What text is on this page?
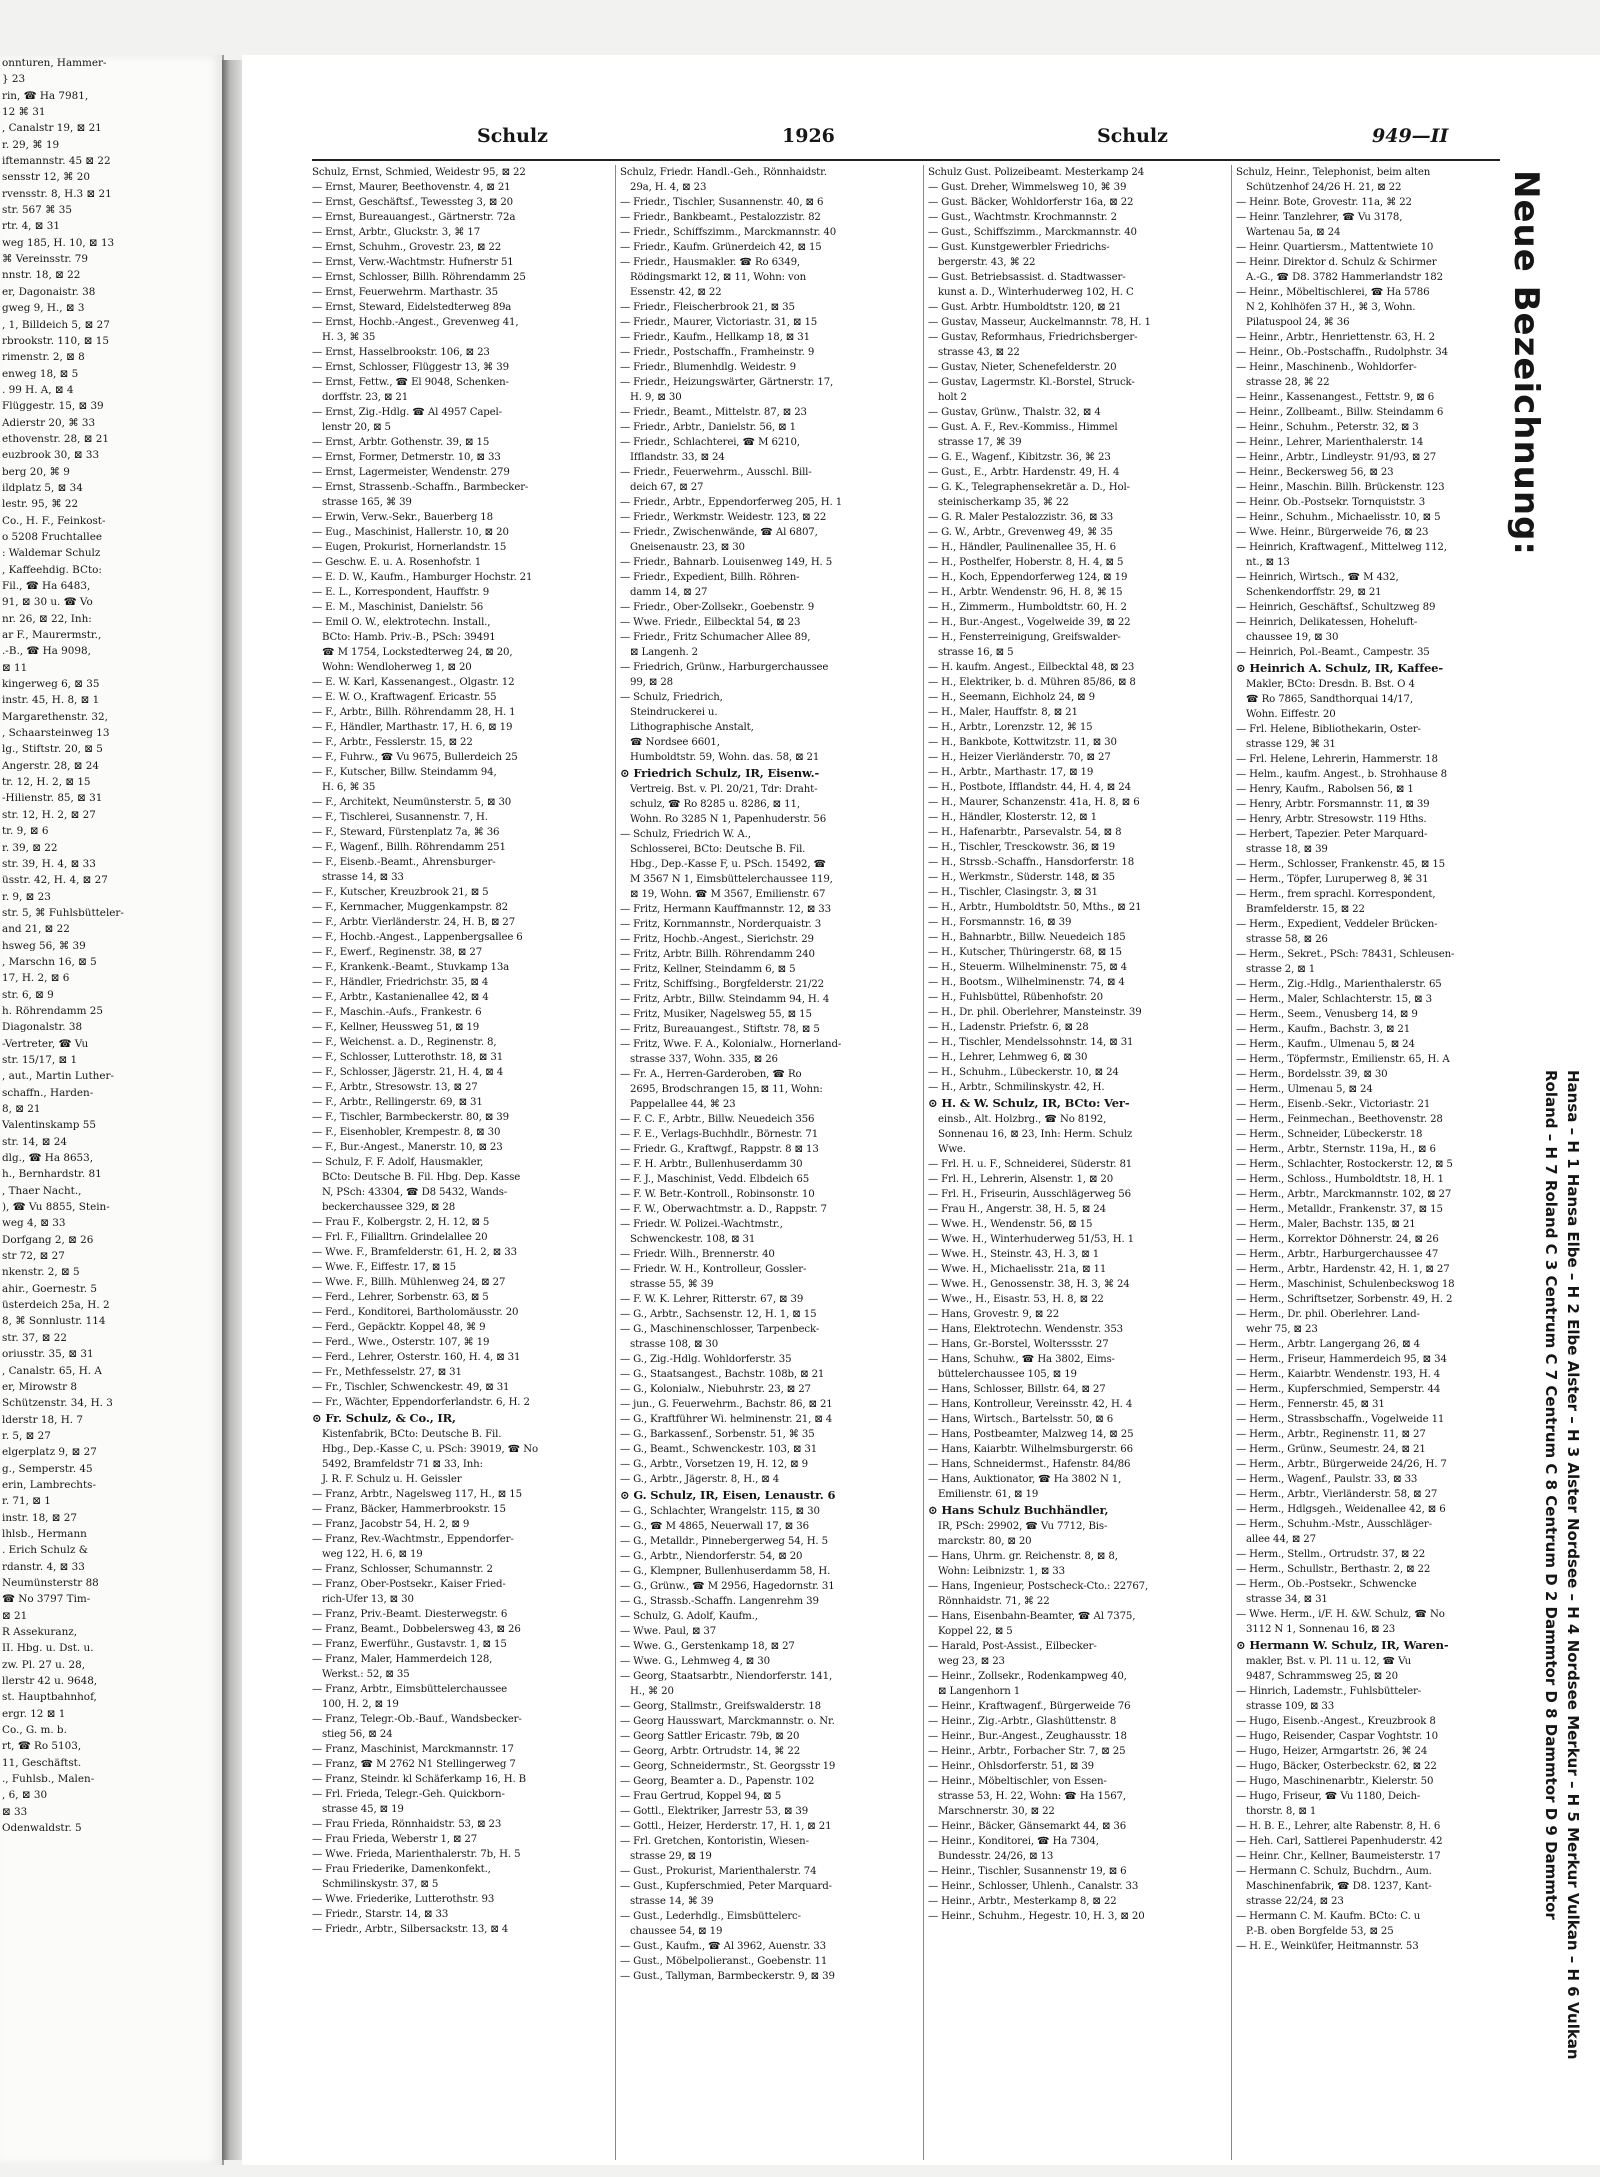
onnturen, Hammer-
} 23
rin, ☎ Ha 7981,
12 ⌘ 31
, Canalstr 19, ⊠ 21
r. 29, ⌘ 19
iftemannstr. 45 ⊠ 22
sensstr 12, ⌘ 20
rvensstr. 8, H.3 ⊠ 21
str. 567 ⌘ 35
rtr. 4, ⊠ 31
weg 185, H. 10, ⊠ 13
⌘ Vereinsstr. 79
nnstr. 18, ⊠ 22
er, Dagonaistr. 38
gweg 9, H., ⊠ 3
, 1, Billdeich 5, ⊠ 27
rbrookstr. 110, ⊠ 15
rimenstr. 2, ⊠ 8
enweg 18, ⊠ 5
. 99 H. A, ⊠ 4
Flüggestr. 15, ⊠ 39
Adierstr 20, ⌘ 33
ethovenstr. 28, ⊠ 21
euzbrook 30, ⊠ 33
berg 20, ⌘ 9
ildplatz 5, ⊠ 34
lestr. 95, ⌘ 22
Co., H. F., Feinkost-
o 5208 Fruchtallee
: Waldemar Schulz
, Kaffeehdig. BCto:
Fil., ☎ Ha 6483,
91, ⊠ 30 u. ☎ Vo
nr. 26, ⊠ 22, Inh:
ar F., Maurermstr.,
.-B., ☎ Ha 9098,
⊠ 11
kingerweg 6, ⊠ 35
instr. 45, H. 8, ⊠ 1
Margarethenstr. 32,
, Schaarsteinweg 13
lg., Stiftstr. 20, ⊠ 5
Angerstr. 28, ⊠ 24
tr. 12, H. 2, ⊠ 15
-Hilienstr. 85, ⊠ 31
str. 12, H. 2, ⊠ 27
tr. 9, ⊠ 6
r. 39, ⊠ 22
str. 39, H. 4, ⊠ 33
üsstr. 42, H. 4, ⊠ 27
r. 9, ⊠ 23
str. 5, ⌘ Fuhlsbütteler-
and 21, ⊠ 22
hsweg 56, ⌘ 39
, Marschn 16, ⊠ 5
17, H. 2, ⊠ 6
str. 6, ⊠ 9
h. Röhrendamm 25
Diagonalstr. 38
-Vertreter, ☎ Vu
str. 15/17, ⊠ 1
, aut., Martin Luther-
schaffn., Harden-
8, ⊠ 21
Valentinskamp 55
str. 14, ⊠ 24
dlg., ☎ Ha 8653,
h., Bernhardstr. 81
, Thaer Nacht.,
), ☎ Vu 8855, Stein-
weg 4, ⊠ 33
Dorfgang 2, ⊠ 26
str 72, ⊠ 27
nkenstr. 2, ⊠ 5
ahir., Goernestr. 5
üsterdeich 25a, H. 2
8, ⌘ Sonnlustr. 114
str. 37, ⊠ 22
oriusstr. 35, ⊠ 31
, Canalstr. 65, H. A
er, Mirowstr 8
Schützenstr. 34, H. 3
lderstr 18, H. 7
r. 5, ⊠ 27
elgerplatz 9, ⊠ 27
g., Semperstr. 45
erin, Lambrechts-
r. 71, ⊠ 1
instr. 18, ⊠ 27
lhlsb., Hermann
. Erich Schulz &
rdanstr. 4, ⊠ 33
Neumünsterstr 88
☎ No 3797 Tim-
⊠ 21
R Assekuranz,
II. Hbg. u. Dst. u.
zw. Pl. 27 u. 28,
llerstr 42 u. 9648,
st. Hauptbahnhof,
ergr. 12 ⊠ 1
Co., G. m. b.
rt, ☎ Ro 5103,
11, Geschäftst.
., Fuhlsb., Malen-
, 6, ⊠ 30
⊠ 33
Odenwaldstr. 5
Schulz	1926	Schulz	949—II
Schulz, Ernst, Schmied, Weidestr 95, ⊠ 22
— Ernst, Maurer, Beethovenstr. 4, ⊠ 21
— Ernst, Geschäftsf., Tewessteg 3, ⊠ 20
— Ernst, Bureauangest., Gärtnerstr. 72a
— Ernst, Arbtr., Gluckstr. 3, ⌘ 17
— Ernst, Schuhm., Grovestr. 23, ⊠ 22
— Ernst, Verw.-Wachtmstr. Hufnerstr 51
— Ernst, Schlosser, Billh. Röhrendamm 25
— Ernst, Feuerwehrm. Marthastr. 35
— Ernst, Steward, Eidelstedterweg 89a
— Ernst, Hochb.-Angest., Grevenweg 41,
H. 3, ⌘ 35
— Ernst, Hasselbrookstr. 106, ⊠ 23
— Ernst, Schlosser, Flüggestr 13, ⌘ 39
— Ernst, Fettw., ☎ El 9048, Schenken-
dorffstr. 23, ⊠ 21
— Ernst, Zig.-Hdlg. ☎ Al 4957 Capel-
lenstr 20, ⊠ 5
— Ernst, Arbtr. Gothenstr. 39, ⊠ 15
— Ernst, Former, Detmerstr. 10, ⊠ 33
— Ernst, Lagermeister, Wendenstr. 279
— Ernst, Strassenb.-Schaffn., Barmbecker-
strasse 165, ⌘ 39
— Erwin, Verw.-Sekr., Bauerberg 18
— Eug., Maschinist, Hallerstr. 10, ⊠ 20
— Eugen, Prokurist, Hornerlandstr. 15
— Geschw. E. u. A. Rosenhofstr. 1
— E. D. W., Kaufm., Hamburger Hochstr. 21
— E. L., Korrespondent, Hauffstr. 9
— E. M., Maschinist, Danielstr. 56
— Emil O. W., elektrotechn. Install.,
BCto: Hamb. Priv.-B., PSch: 39491
☎ M 1754, Lockstedterweg 24, ⊠ 20,
Wohn: Wendloherweg 1, ⊠ 20
— E. W. Karl, Kassenangest., Olgastr. 12
— E. W. O., Kraftwagenf. Ericastr. 55
— F., Arbtr., Billh. Röhrendamm 28, H. 1
— F., Händler, Marthastr. 17, H. 6, ⊠ 19
— F., Arbtr., Fesslerstr. 15, ⊠ 22
— F., Fuhrw., ☎ Vu 9675, Bullerdeich 25
— F., Kutscher, Billw. Steindamm 94,
H. 6, ⌘ 35
— F., Architekt, Neumünsterstr. 5, ⊠ 30
— F., Tischlerei, Susannenstr. 7, H.
— F., Steward, Fürstenplatz 7a, ⌘ 36
— F., Wagenf., Billh. Röhrendamm 251
— F., Eisenb.-Beamt., Ahrensburger-
strasse 14, ⊠ 33
— F., Kutscher, Kreuzbrook 21, ⊠ 5
— F., Kernmacher, Muggenkampstr. 82
— F., Arbtr. Vierländerstr. 24, H. B, ⊠ 27
— F., Hochb.-Angest., Lappenbergsallee 6
— F., Ewerf., Reginenstr. 38, ⊠ 27
— F., Krankenk.-Beamt., Stuvkamp 13a
— F., Händler, Friedrichstr. 35, ⊠ 4
— F., Arbtr., Kastanienallee 42, ⊠ 4
— F., Maschin.-Aufs., Frankestr. 6
— F., Kellner, Heussweg 51, ⊠ 19
— F., Weichenst. a. D., Reginenstr. 8,
— F., Schlosser, Lutterothstr. 18, ⊠ 31
— F., Schlosser, Jägerstr. 21, H. 4, ⊠ 4
— F., Arbtr., Stresowstr. 13, ⊠ 27
— F., Arbtr., Rellingerstr. 69, ⊠ 31
— F., Tischler, Barmbeckerstr. 80, ⊠ 39
— F., Eisenhobler, Krempestr. 8, ⊠ 30
— F., Bur.-Angest., Manerstr. 10, ⊠ 23
— Schulz, F. F. Adolf, Hausmakler,
BCto: Deutsche B. Fil. Hbg. Dep. Kasse
N, PSch: 43304, ☎ D8 5432, Wands-
beckerchaussee 329, ⊠ 28
— Frau F., Kolbergstr. 2, H. 12, ⊠ 5
— Frl. F., Filialltrn. Grindelallee 20
— Wwe. F., Bramfelderstr. 61, H. 2, ⊠ 33
— Wwe. F., Eiffestr. 17, ⊠ 15
— Wwe. F., Billh. Mühlenweg 24, ⊠ 27
— Ferd., Lehrer, Sorbenstr. 63, ⊠ 5
— Ferd., Konditorei, Bartholomäusstr. 20
— Ferd., Gepäcktr. Koppel 48, ⌘ 9
— Ferd., Wwe., Osterstr. 107, ⌘ 19
— Ferd., Lehrer, Osterstr. 160, H. 4, ⊠ 31
— Fr., Methfesselstr. 27, ⊠ 31
— Fr., Tischler, Schwenckestr. 49, ⊠ 31
— Fr., Wächter, Eppendorferlandstr. 6, H. 2
⊙ Fr. Schulz, & Co., IR,
Kistenfabrik, BCto: Deutsche B. Fil.
Hbg., Dep.-Kasse C, u. PSch: 39019, ☎ No
5492, Bramfeldstr 71 ⊠ 33, Inh:
J. R. F. Schulz u. H. Geissler
— Franz, Arbtr., Nagelsweg 117, H., ⊠ 15
— Franz, Bäcker, Hammerbrookstr. 15
— Franz, Jacobstr 54, H. 2, ⊠ 9
— Franz, Rev.-Wachtmstr., Eppendorfer-
weg 122, H. 6, ⊠ 19
— Franz, Schlosser, Schumannstr. 2
— Franz, Ober-Postsekr., Kaiser Fried-
rich-Ufer 13, ⊠ 30
— Franz, Priv.-Beamt. Diesterwegstr. 6
— Franz, Beamt., Dobbelersweg 43, ⊠ 26
— Franz, Ewerführ., Gustavstr. 1, ⊠ 15
— Franz, Maler, Hammerdeich 128,
Werkst.: 52, ⊠ 35
— Franz, Arbtr., Eimsbüttelerchaussee
100, H. 2, ⊠ 19
— Franz, Telegr.-Ob.-Bauf., Wandsbecker-
stieg 56, ⊠ 24
— Franz, Maschinist, Marckmannstr. 17
— Franz, ☎ M 2762 N1 Stellingerweg 7
— Franz, Steindr. kl Schäferkamp 16, H. B
— Frl. Frieda, Telegr.-Geh. Quickborn-
strasse 45, ⊠ 19
— Frau Frieda, Rönnhaidstr. 53, ⊠ 23
— Frau Frieda, Weberstr 1, ⊠ 27
— Wwe. Frieda, Marienthalerstr. 7b, H. 5
— Frau Friederike, Damenkonfekt.,
Schmilinskystr. 37, ⊠ 5
— Wwe. Friederike, Lutterothstr. 93
— Friedr., Starstr. 14, ⊠ 33
— Friedr., Arbtr., Silbersackstr. 13, ⊠ 4
Schulz, Friedr. Handl.-Geh., Rönnhaidstr.
29a, H. 4, ⊠ 23
— Friedr., Tischler, Susannenstr. 40, ⊠ 6
— Friedr., Bankbeamt., Pestalozzistr. 82
— Friedr., Schiffszimm., Marckmannstr. 40
— Friedr., Kaufm. Grünerdeich 42, ⊠ 15
— Friedr., Hausmakler. ☎ Ro 6349,
Rödingsmarkt 12, ⊠ 11, Wohn: von
Essenstr. 42, ⊠ 22
— Friedr., Fleischerbrook 21, ⊠ 35
— Friedr., Maurer, Victoriastr. 31, ⊠ 15
— Friedr., Kaufm., Hellkamp 18, ⊠ 31
— Friedr., Postschaffn., Framheinstr. 9
— Friedr., Blumenhdlg. Weidestr. 9
— Friedr., Heizungswärter, Gärtnerstr. 17,
H. 9, ⊠ 30
— Friedr., Beamt., Mittelstr. 87, ⊠ 23
— Friedr., Arbtr., Danielstr. 56, ⊠ 1
— Friedr., Schlachterei, ☎ M 6210,
Ifflandstr. 33, ⊠ 24
— Friedr., Feuerwehrm., Ausschl. Bill-
deich 67, ⊠ 27
— Friedr., Arbtr., Eppendorferweg 205, H. 1
— Friedr., Werkmstr. Weidestr. 123, ⊠ 22
— Friedr., Zwischenwände, ☎ Al 6807,
Gneisenaustr. 23, ⊠ 30
— Friedr., Bahnarb. Louisenweg 149, H. 5
— Friedr., Expedient, Billh. Röhren-
damm 14, ⊠ 27
— Friedr., Ober-Zollsekr., Goebenstr. 9
— Wwe. Friedr., Eilbecktal 54, ⊠ 23
— Friedr., Fritz Schumacher Allee 89,
⊠ Langenh. 2
— Friedrich, Grünw., Harburgerchaussee
99, ⊠ 28
— Schulz, Friedrich,
Steindruckerei u.
Lithographische Anstalt,
☎ Nordsee 6601,
Humboldtstr. 59, Wohn. das. 58, ⊠ 21
⊙ Friedrich Schulz, IR, Eisenw.-
Vertreig. Bst. v. Pl. 20/21, Tdr: Draht-
schulz, ☎ Ro 8285 u. 8286, ⊠ 11,
Wohn. Ro 3285 N 1, Papenhuderstr. 56
— Schulz, Friedrich W. A.,
Schlosserei, BCto: Deutsche B. Fil.
Hbg., Dep.-Kasse F, u. PSch. 15492, ☎
M 3567 N 1, Eimsbüttelerchaussee 119,
⊠ 19, Wohn. ☎ M 3567, Emilienstr. 67
— Fritz, Hermann Kauffmannstr. 12, ⊠ 33
— Fritz, Kornmannstr., Norderquaistr. 3
— Fritz, Hochb.-Angest., Sierichstr. 29
— Fritz, Arbtr. Billh. Röhrendamm 240
— Fritz, Kellner, Steindamm 6, ⊠ 5
— Fritz, Schiffsing., Borgfelderstr. 21/22
— Fritz, Arbtr., Billw. Steindamm 94, H. 4
— Fritz, Musiker, Nagelsweg 55, ⊠ 15
— Fritz, Bureauangest., Stiftstr. 78, ⊠ 5
— Fritz, Wwe. F. A., Kolonialw., Hornerland-
strasse 337, Wohn. 335, ⊠ 26
— Fr. A., Herren-Garderoben, ☎ Ro
2695, Brodschrangen 15, ⊠ 11, Wohn:
Pappelallee 44, ⌘ 23
— F. C. F., Arbtr., Billw. Neuedeich 356
— F. E., Verlags-Buchhdlr., Börnestr. 71
— Friedr. G., Kraftwgf., Rappstr. 8 ⊠ 13
— F. H. Arbtr., Bullenhuserdamm 30
— F. J., Maschinist, Vedd. Elbdeich 65
— F. W. Betr.-Kontroll., Robinsonstr. 10
— F. W., Oberwachtmstr. a. D., Rappstr. 7
— Friedr. W. Polizei.-Wachtmstr.,
Schwenckestr. 108, ⊠ 31
— Friedr. Wilh., Brennerstr. 40
— Friedr. W. H., Kontrolleur, Gossler-
strasse 55, ⌘ 39
— F. W. K. Lehrer, Ritterstr. 67, ⊠ 39
— G., Arbtr., Sachsenstr. 12, H. 1, ⊠ 15
— G., Maschinenschlosser, Tarpenbeck-
strasse 108, ⊠ 30
— G., Zig.-Hdlg. Wohldorferstr. 35
— G., Staatsangest., Bachstr. 108b, ⊠ 21
— G., Kolonialw., Niebuhrstr. 23, ⊠ 27
— jun., G. Feuerwehrm., Bachstr. 86, ⊠ 21
— G., Kraftführer Wi. helminenstr. 21, ⊠ 4
— G., Barkassenf., Sorbenstr. 51, ⌘ 35
— G., Beamt., Schwenckestr. 103, ⊠ 31
— G., Arbtr., Vorsetzen 19, H. 12, ⊠ 9
— G., Arbtr., Jägerstr. 8, H., ⊠ 4
⊙ G. Schulz, IR, Eisen, Lenaustr. 6
— G., Schlachter, Wrangelstr. 115, ⊠ 30
— G., ☎ M 4865, Neuerwall 17, ⊠ 36
— G., Metalldr., Pinnebergerweg 54, H. 5
— G., Arbtr., Niendorferstr. 54, ⊠ 20
— G., Klempner, Bullenhuserdamm 58, H.
— G., Grünw., ☎ M 2956, Hagedornstr. 31
— G., Strassb.-Schaffn. Langenrehm 39
— Schulz, G. Adolf, Kaufm.,
— Wwe. Paul, ⊠ 37
— Wwe. G., Gerstenkamp 18, ⊠ 27
— Wwe. G., Lehmweg 4, ⊠ 30
— Georg, Staatsarbtr., Niendorferstr. 141,
H., ⌘ 20
— Georg, Stallmstr., Greifswalderstr. 18
— Georg Hausswart, Marckmannstr. o. Nr.
— Georg Sattler Ericastr. 79b, ⊠ 20
— Georg, Arbtr. Ortrudstr. 14, ⌘ 22
— Georg, Schneidermstr., St. Georgsstr 19
— Georg, Beamter a. D., Papenstr. 102
— Frau Gertrud, Koppel 94, ⊠ 5
— Gottl., Elektriker, Jarrestr 53, ⊠ 39
— Gottl., Heizer, Herderstr. 17, H. 1, ⊠ 21
— Frl. Gretchen, Kontoristin, Wiesen-
strasse 29, ⊠ 19
— Gust., Prokurist, Marienthalerstr. 74
— Gust., Kupferschmied, Peter Marquard-
strasse 14, ⌘ 39
— Gust., Lederhdlg., Eimsbüttelerc-
chaussee 54, ⊠ 19
— Gust., Kaufm., ☎ Al 3962, Auenstr. 33
— Gust., Möbelpolieranst., Goebenstr. 11
— Gust., Tallyman, Barmbeckerstr. 9, ⊠ 39
Schulz Gust. Polizeibeamt. Mesterkamp 24
— Gust. Dreher, Wimmelsweg 10, ⌘ 39
— Gust. Bäcker, Wohldorferstr 16a, ⊠ 22
— Gust., Wachtmstr. Krochmannstr. 2
— Gust., Schiffszimm., Marckmannstr. 40
— Gust. Kunstgewerbler Friedrichs-
bergerstr. 43, ⌘ 22
— Gust. Betriebsassist. d. Stadtwasser-
kunst a. D., Winterhuderweg 102, H. C
— Gust. Arbtr. Humboldtstr. 120, ⊠ 21
— Gustav, Masseur, Auckelmannstr. 78, H. 1
— Gustav, Reformhaus, Friedrichsberger-
strasse 43, ⊠ 22
— Gustav, Nieter, Schenefelderstr. 20
— Gustav, Lagermstr. Kl.-Borstel, Struck-
holt 2
— Gustav, Grünw., Thalstr. 32, ⊠ 4
— Gust. A. F., Rev.-Kommiss., Himmel
strasse 17, ⌘ 39
— G. E., Wagenf., Kibitzstr. 36, ⌘ 23
— Gust., E., Arbtr. Hardenstr. 49, H. 4
— G. K., Telegraphensekretär a. D., Hol-
steinischerkamp 35, ⌘ 22
— G. R. Maler Pestalozzistr. 36, ⊠ 33
— G. W., Arbtr., Grevenweg 49, ⌘ 35
— H., Händler, Paulinenallee 35, H. 6
— H., Posthelfer, Hoberstr. 8, H. 4, ⊠ 5
— H., Koch, Eppendorferweg 124, ⊠ 19
— H., Arbtr. Wendenstr. 96, H. 8, ⌘ 15
— H., Zimmerm., Humboldtstr. 60, H. 2
— H., Bur.-Angest., Vogelweide 39, ⊠ 22
— H., Fensterreinigung, Greifswalder-
strasse 16, ⊠ 5
— H. kaufm. Angest., Eilbecktal 48, ⊠ 23
— H., Elektriker, b. d. Mühren 85/86, ⊠ 8
— H., Seemann, Eichholz 24, ⊠ 9
— H., Maler, Hauffstr. 8, ⊠ 21
— H., Arbtr., Lorenzstr. 12, ⌘ 15
— H., Bankbote, Kottwitzstr. 11, ⊠ 30
— H., Heizer Vierländerstr. 70, ⊠ 27
— H., Arbtr., Marthastr. 17, ⊠ 19
— H., Postbote, Ifflandstr. 44, H. 4, ⊠ 24
— H., Maurer, Schanzenstr. 41a, H. 8, ⊠ 6
— H., Händler, Klosterstr. 12, ⊠ 1
— H., Hafenarbtr., Parsevalstr. 54, ⊠ 8
— H., Tischler, Tresckowstr. 36, ⊠ 19
— H., Strssb.-Schaffn., Hansdorferstr. 18
— H., Werkmstr., Süderstr. 148, ⊠ 35
— H., Tischler, Clasingstr. 3, ⊠ 31
— H., Arbtr., Humboldtstr. 50, Mths., ⊠ 21
— H., Forsmannstr. 16, ⊠ 39
— H., Bahnarbtr., Billw. Neuedeich 185
— H., Kutscher, Thüringerstr. 68, ⊠ 15
— H., Steuerm. Wilhelminenstr. 75, ⊠ 4
— H., Bootsm., Wilhelminenstr. 74, ⊠ 4
— H., Fuhlsbüttel, Rübenhofstr. 20
— H., Dr. phil. Oberlehrer, Mansteinstr. 39
— H., Ladenstr. Priefstr. 6, ⊠ 28
— H., Tischler, Mendelssohnstr. 14, ⊠ 31
— H., Lehrer, Lehmweg 6, ⊠ 30
— H., Schuhm., Lübeckerstr. 10, ⊠ 24
— H., Arbtr., Schmilinskystr. 42, H.
⊙ H. & W. Schulz, IR, BCto: Ver-
einsb., Alt. Holzbrg., ☎ No 8192,
Sonnenau 16, ⊠ 23, Inh: Herm. Schulz
Wwe.
— Frl. H. u. F., Schneiderei, Süderstr. 81
— Frl. H., Lehrerin, Alsenstr. 1, ⊠ 20
— Frl. H., Friseurin, Ausschlägerweg 56
— Frau H., Angerstr. 38, H. 5, ⊠ 24
— Wwe. H., Wendenstr. 56, ⊠ 15
— Wwe. H., Winterhuderweg 51/53, H. 1
— Wwe. H., Steinstr. 43, H. 3, ⊠ 1
— Wwe. H., Michaelisstr. 21a, ⊠ 11
— Wwe. H., Genossenstr. 38, H. 3, ⌘ 24
— Wwe., H., Eisastr. 53, H. 8, ⊠ 22
— Hans, Grovestr. 9, ⊠ 22
— Hans, Elektrotechn. Wendenstr. 353
— Hans, Gr.-Borstel, Wolterssstr. 27
— Hans, Schuhw., ☎ Ha 3802, Eims-
büttelerchaussee 105, ⊠ 19
— Hans, Schlosser, Billstr. 64, ⊠ 27
— Hans, Kontrolleur, Vereinsstr. 42, H. 4
— Hans, Wirtsch., Bartelsstr. 50, ⊠ 6
— Hans, Postbeamter, Malzweg 14, ⊠ 25
— Hans, Kaiarbtr. Wilhelmsburgerstr. 66
— Hans, Schneidermst., Hafenstr. 84/86
— Hans, Auktionator, ☎ Ha 3802 N 1,
Emilienstr. 61, ⊠ 19
⊙ Hans Schulz Buchhändler,
IR, PSch: 29902, ☎ Vu 7712, Bis-
marckstr. 80, ⊠ 20
— Hans, Uhrm. gr. Reichenstr. 8, ⊠ 8,
Wohn: Leibnizstr. 1, ⊠ 33
— Hans, Ingenieur, Postscheck-Cto.: 22767,
Rönnhaidstr. 71, ⌘ 22
— Hans, Eisenbahn-Beamter, ☎ Al 7375,
Koppel 22, ⊠ 5
— Harald, Post-Assist., Eilbecker-
weg 23, ⊠ 23
— Heinr., Zollsekr., Rodenkampweg 40,
⊠ Langenhorn 1
— Heinr., Kraftwagenf., Bürgerweide 76
— Heinr., Zig.-Arbtr., Glashüttenstr. 8
— Heinr., Bur.-Angest., Zeughausstr. 18
— Heinr., Arbtr., Forbacher Str. 7, ⊠ 25
— Heinr., Ohlsdorferstr. 51, ⊠ 39
— Heinr., Möbeltischler, von Essen-
strasse 53, H. 22, Wohn: ☎ Ha 1567,
Marschnerstr. 30, ⊠ 22
— Heinr., Bäcker, Gänsemarkt 44, ⊠ 36
— Heinr., Konditorei, ☎ Ha 7304,
Bundesstr. 24/26, ⊠ 13
— Heinr., Tischler, Susannenstr 19, ⊠ 6
— Heinr., Schlosser, Uhlenh., Canalstr. 33
— Heinr., Arbtr., Mesterkamp 8, ⊠ 22
— Heinr., Schuhm., Hegestr. 10, H. 3, ⊠ 20
Schulz, Heinr., Telephonist, beim alten
Schützenhof 24/26 H. 21, ⊠ 22
— Heinr. Bote, Grovestr. 11a, ⌘ 22
— Heinr. Tanzlehrer, ☎ Vu 3178,
Wartenau 5a, ⊠ 24
— Heinr. Quartiersm., Mattentwiete 10
— Heinr. Direktor d. Schulz & Schirmer
A.-G., ☎ D8. 3782 Hammerlandstr 182
— Heinr., Möbeltischlerei, ☎ Ha 5786
N 2, Kohlhöfen 37 H., ⌘ 3, Wohn.
Pilatuspool 24, ⌘ 36
— Heinr., Arbtr., Henriettenstr. 63, H. 2
— Heinr., Ob.-Postschaffn., Rudolphstr. 34
— Heinr., Maschinenb., Wohldorfer-
strasse 28, ⌘ 22
— Heinr., Kassenangest., Fettstr. 9, ⊠ 6
— Heinr., Zollbeamt., Billw. Steindamm 6
— Heinr., Schuhm., Peterstr. 32, ⊠ 3
— Heinr., Lehrer, Marienthalerstr. 14
— Heinr., Arbtr., Lindleystr. 91/93, ⊠ 27
— Heinr., Beckersweg 56, ⊠ 23
— Heinr., Maschin. Billh. Brückenstr. 123
— Heinr. Ob.-Postsekr. Tornquiststr. 3
— Heinr., Schuhm., Michaelisstr. 10, ⊠ 5
— Wwe. Heinr., Bürgerweide 76, ⊠ 23
— Heinrich, Kraftwagenf., Mittelweg 112,
nt., ⊠ 13
— Heinrich, Wirtsch., ☎ M 432,
Schenkendorffstr. 29, ⊠ 21
— Heinrich, Geschäftsf., Schultzweg 89
— Heinrich, Delikatessen, Hoheluft-
chaussee 19, ⊠ 30
— Heinrich, Pol.-Beamt., Campestr. 35
⊙ Heinrich A. Schulz, IR, Kaffee-
Makler, BCto: Dresdn. B. Bst. O 4
☎ Ro 7865, Sandthorquai 14/17,
Wohn. Eiffestr. 20
— Frl. Helene, Bibliothekarin, Oster-
strasse 129, ⌘ 31
— Frl. Helene, Lehrerin, Hammerstr. 18
— Helm., kaufm. Angest., b. Strohhause 8
— Henry, Kaufm., Rabolsen 56, ⊠ 1
— Henry, Arbtr. Forsmannstr. 11, ⊠ 39
— Henry, Arbtr. Stresowstr. 119 Hths.
— Herbert, Tapezier. Peter Marquard-
strasse 18, ⊠ 39
— Herm., Schlosser, Frankenstr. 45, ⊠ 15
— Herm., Töpfer, Luruperweg 8, ⌘ 31
— Herm., frem sprachl. Korrespondent,
Bramfelderstr. 15, ⊠ 22
— Herm., Expedient, Veddeler Brücken-
strasse 58, ⊠ 26
— Herm., Sekret., PSch: 78431, Schleusen-
strasse 2, ⊠ 1
— Herm., Zig.-Hdlg., Marienthalerstr. 65
— Herm., Maler, Schlachterstr. 15, ⊠ 3
— Herm., Seem., Venusberg 14, ⊠ 9
— Herm., Kaufm., Bachstr. 3, ⊠ 21
— Herm., Kaufm., Ulmenau 5, ⊠ 24
— Herm., Töpfermstr., Emilienstr. 65, H. A
— Herm., Bordelsstr. 39, ⊠ 30
— Herm., Ulmenau 5, ⊠ 24
— Herm., Eisenb.-Sekr., Victoriastr. 21
— Herm., Feinmechan., Beethovenstr. 28
— Herm., Schneider, Lübeckerstr. 18
— Herm., Arbtr., Sternstr. 119a, H., ⊠ 6
— Herm., Schlachter, Rostockerstr. 12, ⊠ 5
— Herm., Schloss., Humboldtstr. 18, H. 1
— Herm., Arbtr., Marckmannstr. 102, ⊠ 27
— Herm., Metalldr., Frankenstr. 37, ⊠ 15
— Herm., Maler, Bachstr. 135, ⊠ 21
— Herm., Korrektor Döhnerstr. 24, ⊠ 26
— Herm., Arbtr., Harburgerchaussee 47
— Herm., Arbtr., Hardenstr. 42, H. 1, ⊠ 27
— Herm., Maschinist, Schulenbeckswog 18
— Herm., Schriftsetzer, Sorbenstr. 49, H. 2
— Herm., Dr. phil. Oberlehrer. Land-
wehr 75, ⊠ 23
— Herm., Arbtr. Langergang 26, ⊠ 4
— Herm., Friseur, Hammerdeich 95, ⊠ 34
— Herm., Kaiarbtr. Wendenstr. 193, H. 4
— Herm., Kupferschmied, Semperstr. 44
— Herm., Fennerstr. 45, ⊠ 31
— Herm., Strassbschaffn., Vogelweide 11
— Herm., Arbtr., Reginenstr. 11, ⊠ 27
— Herm., Grünw., Seumestr. 24, ⊠ 21
— Herm., Arbtr., Bürgerweide 24/26, H. 7
— Herm., Wagenf., Paulstr. 33, ⊠ 33
— Herm., Arbtr., Vierländerstr. 58, ⊠ 27
— Herm., Hdlgsgeh., Weidenallee 42, ⊠ 6
— Herm., Schuhm.-Mstr., Ausschläger-
allee 44, ⊠ 27
— Herm., Stellm., Ortrudstr. 37, ⊠ 22
— Herm., Schullstr., Berthastr. 2, ⊠ 22
— Herm., Ob.-Postsekr., Schwencke
strasse 34, ⊠ 31
— Wwe. Herm., i/F. H. &W. Schulz, ☎ No
3112 N 1, Sonnenau 16, ⊠ 23
⊙ Hermann W. Schulz, IR, Waren-
makler, Bst. v. Pl. 11 u. 12, ☎ Vu
9487, Schrammsweg 25, ⊠ 20
— Hinrich, Lademstr., Fuhlsbütteler-
strasse 109, ⊠ 33
— Hugo, Eisenb.-Angest., Kreuzbrook 8
— Hugo, Reisender, Caspar Voghtstr. 10
— Hugo, Heizer, Armgartstr. 26, ⌘ 24
— Hugo, Bäcker, Osterbeckstr. 62, ⊠ 22
— Hugo, Maschinenarbtr., Kielerstr. 50
— Hugo, Friseur, ☎ Vu 1180, Deich-
thorstr. 8, ⊠ 1
— H. B. E., Lehrer, alte Rabenstr. 8, H. 6
— Heh. Carl, Sattlerei Papenhuderstr. 42
— Heinr. Chr., Kellner, Baumeisterstr. 17
— Hermann C. Schulz, Buchdrn., Aum.
Maschinenfabrik, ☎ D8. 1237, Kant-
strasse 22/24, ⊠ 23
— Hermann C. M. Kaufm. BCto: C. u
P.-B. oben Borgfelde 53, ⊠ 25
— H. E., Weinküfer, Heitmannstr. 53
Neue Bezeichnung:
Hansa – H 1 Hansa Elbe – H 2 Elbe Alster – H 3 Alster Nordsee – H 4 Nordsee Merkur – H 5 Merkur Vulkan – H 6 Vulkan
Roland – H 7 Roland C 3 Centrum C 7 Centrum C 8 Centrum D 2 Dammtor D 8 Dammtor D 9 Dammtor
